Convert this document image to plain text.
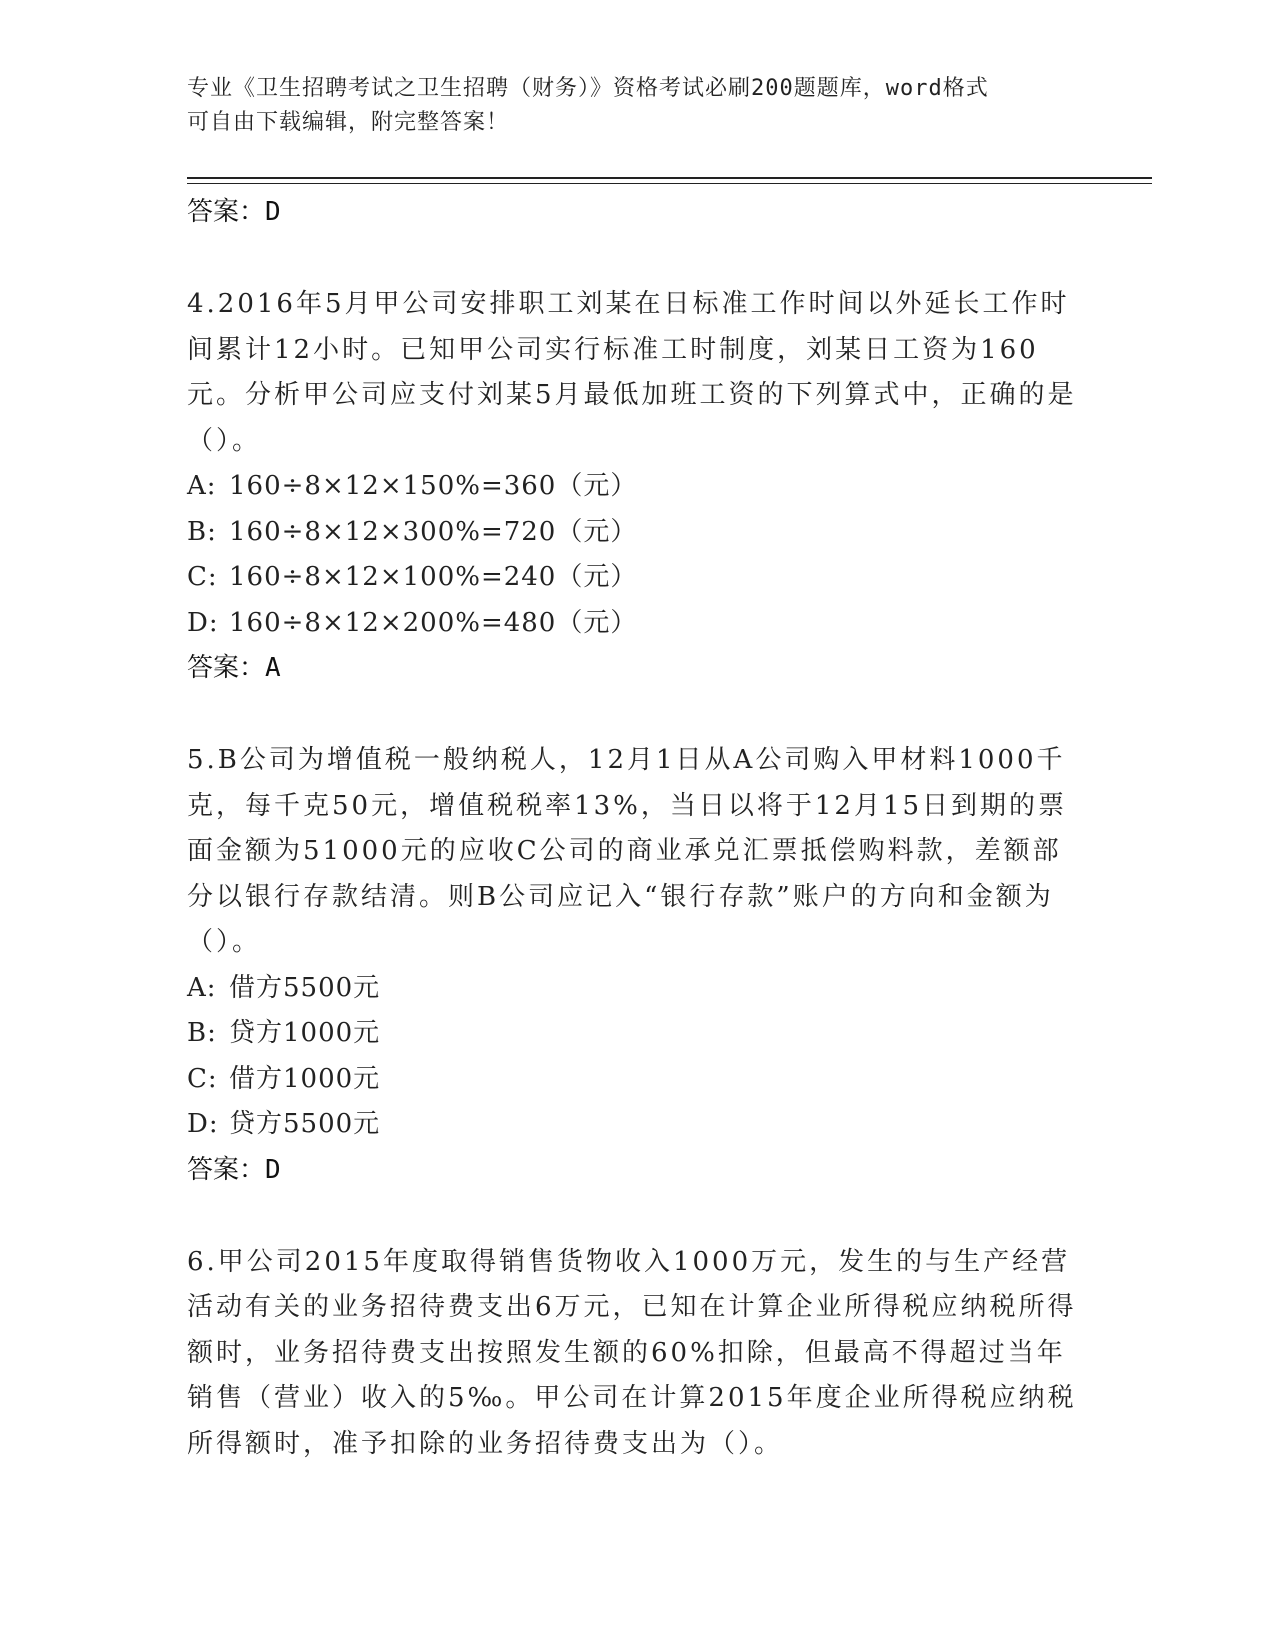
专业《卫生招聘考试之卫生招聘（财务）》资格考试必刷200题题库，word格式
可自由下载编辑，附完整答案！

答案：D

4.2016年5月甲公司安排职工刘某在日标准工作时间以外延长工作时间累计12小时。已知甲公司实行标准工时制度，刘某日工资为160元。分析甲公司应支付刘某5月最低加班工资的下列算式中，正确的是（）。

A: 160÷8×12×150%=360（元）

B: 160÷8×12×300%=720（元）

C: 160÷8×12×100%=240（元）

D: 160÷8×12×200%=480（元）

答案：A

5.B公司为增值税一般纳税人，12月1日从A公司购入甲材料1000千克，每千克50元，增值税税率13%，当日以将于12月15日到期的票面金额为51000元的应收C公司的商业承兑汇票抵偿购料款，差额部分以银行存款结清。则B公司应记入“银行存款”账户的方向和金额为（）。

A: 借方5500元

B: 贷方1000元

C: 借方1000元

D: 贷方5500元

答案：D

6.甲公司2015年度取得销售货物收入1000万元，发生的与生产经营活动有关的业务招待费支出6万元，已知在计算企业所得税应纳税所得额时，业务招待费支出按照发生额的60%扣除，但最高不得超过当年销售（营业）收入的5‰。甲公司在计算2015年度企业所得税应纳税所得额时，准予扣除的业务招待费支出为（）。
